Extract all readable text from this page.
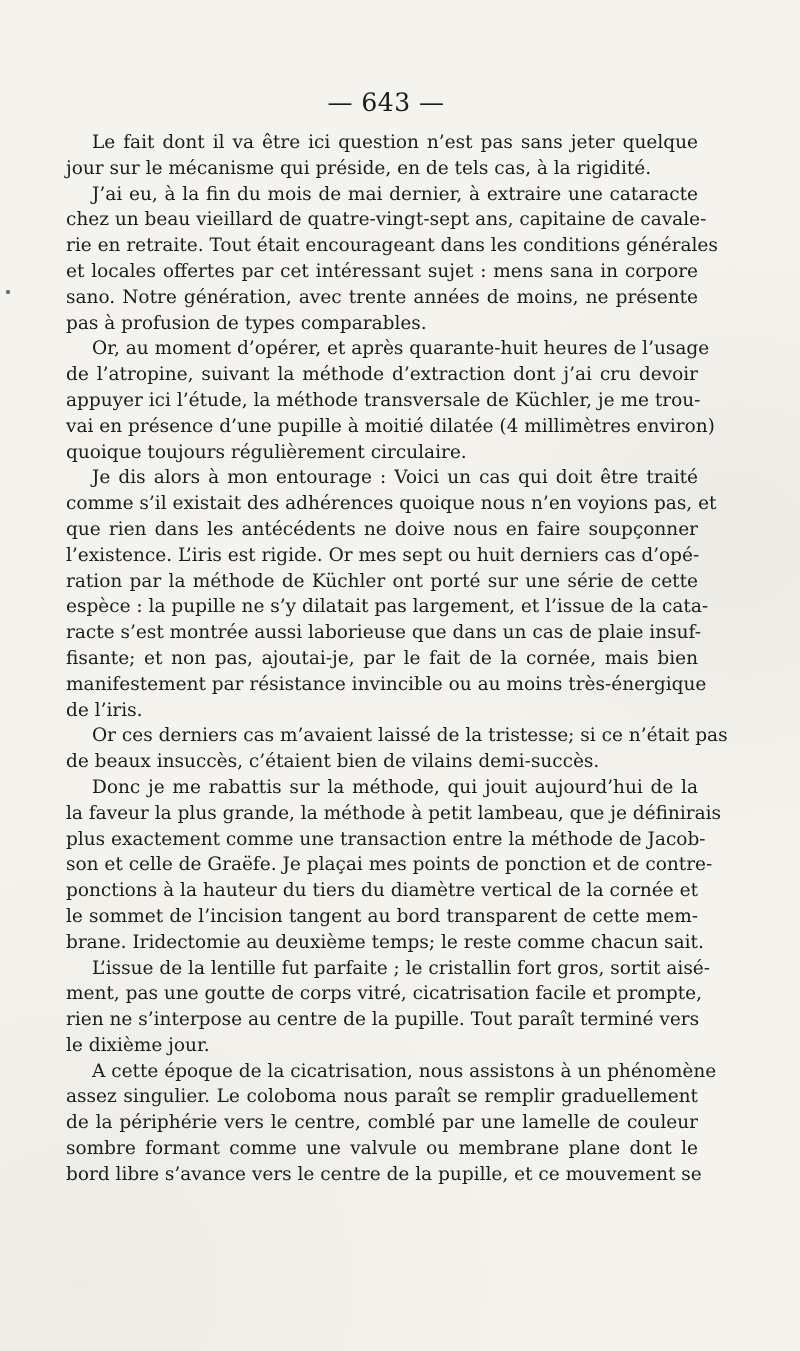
— 643 —
Le fait dont il va être ici question n’est pas sans jeter quelque
jour sur le mécanisme qui préside, en de tels cas, à la rigidité.
J’ai eu, à la fin du mois de mai dernier, à extraire une cataracte
chez un beau vieillard de quatre-vingt-sept ans, capitaine de cavale-
rie en retraite. Tout était encourageant dans les conditions générales
et locales offertes par cet intéressant sujet : mens sana in corpore
sano. Notre génération, avec trente années de moins, ne présente
pas à profusion de types comparables.
Or, au moment d’opérer, et après quarante-huit heures de l’usage
de l’atropine, suivant la méthode d’extraction dont j’ai cru devoir
appuyer ici l’étude, la méthode transversale de Küchler, je me trou-
vai en présence d’une pupille à moitié dilatée (4 millimètres environ)
quoique toujours régulièrement circulaire.
Je dis alors à mon entourage : Voici un cas qui doit être traité
comme s’il existait des adhérences quoique nous n’en voyions pas, et
que rien dans les antécédents ne doive nous en faire soupçonner
l’existence. L’iris est rigide. Or mes sept ou huit derniers cas d’opé-
ration par la méthode de Küchler ont porté sur une série de cette
espèce : la pupille ne s’y dilatait pas largement, et l’issue de la cata-
racte s’est montrée aussi laborieuse que dans un cas de plaie insuf-
fisante; et non pas, ajoutai-je, par le fait de la cornée, mais bien
manifestement par résistance invincible ou au moins très-énergique
de l’iris.
Or ces derniers cas m’avaient laissé de la tristesse; si ce n’était pas
de beaux insuccès, c’étaient bien de vilains demi-succès.
Donc je me rabattis sur la méthode, qui jouit aujourd’hui de la
la faveur la plus grande, la méthode à petit lambeau, que je définirais
plus exactement comme une transaction entre la méthode de Jacob-
son et celle de Graëfe. Je plaçai mes points de ponction et de contre-
ponctions à la hauteur du tiers du diamètre vertical de la cornée et
le sommet de l’incision tangent au bord transparent de cette mem-
brane. Iridectomie au deuxième temps; le reste comme chacun sait.
L’issue de la lentille fut parfaite ; le cristallin fort gros, sortit aisé-
ment, pas une goutte de corps vitré, cicatrisation facile et prompte,
rien ne s’interpose au centre de la pupille. Tout paraît terminé vers
le dixième jour.
A cette époque de la cicatrisation, nous assistons à un phénomène
assez singulier. Le coloboma nous paraît se remplir graduellement
de la périphérie vers le centre, comblé par une lamelle de couleur
sombre formant comme une valvule ou membrane plane dont le
bord libre s’avance vers le centre de la pupille, et ce mouvement se
